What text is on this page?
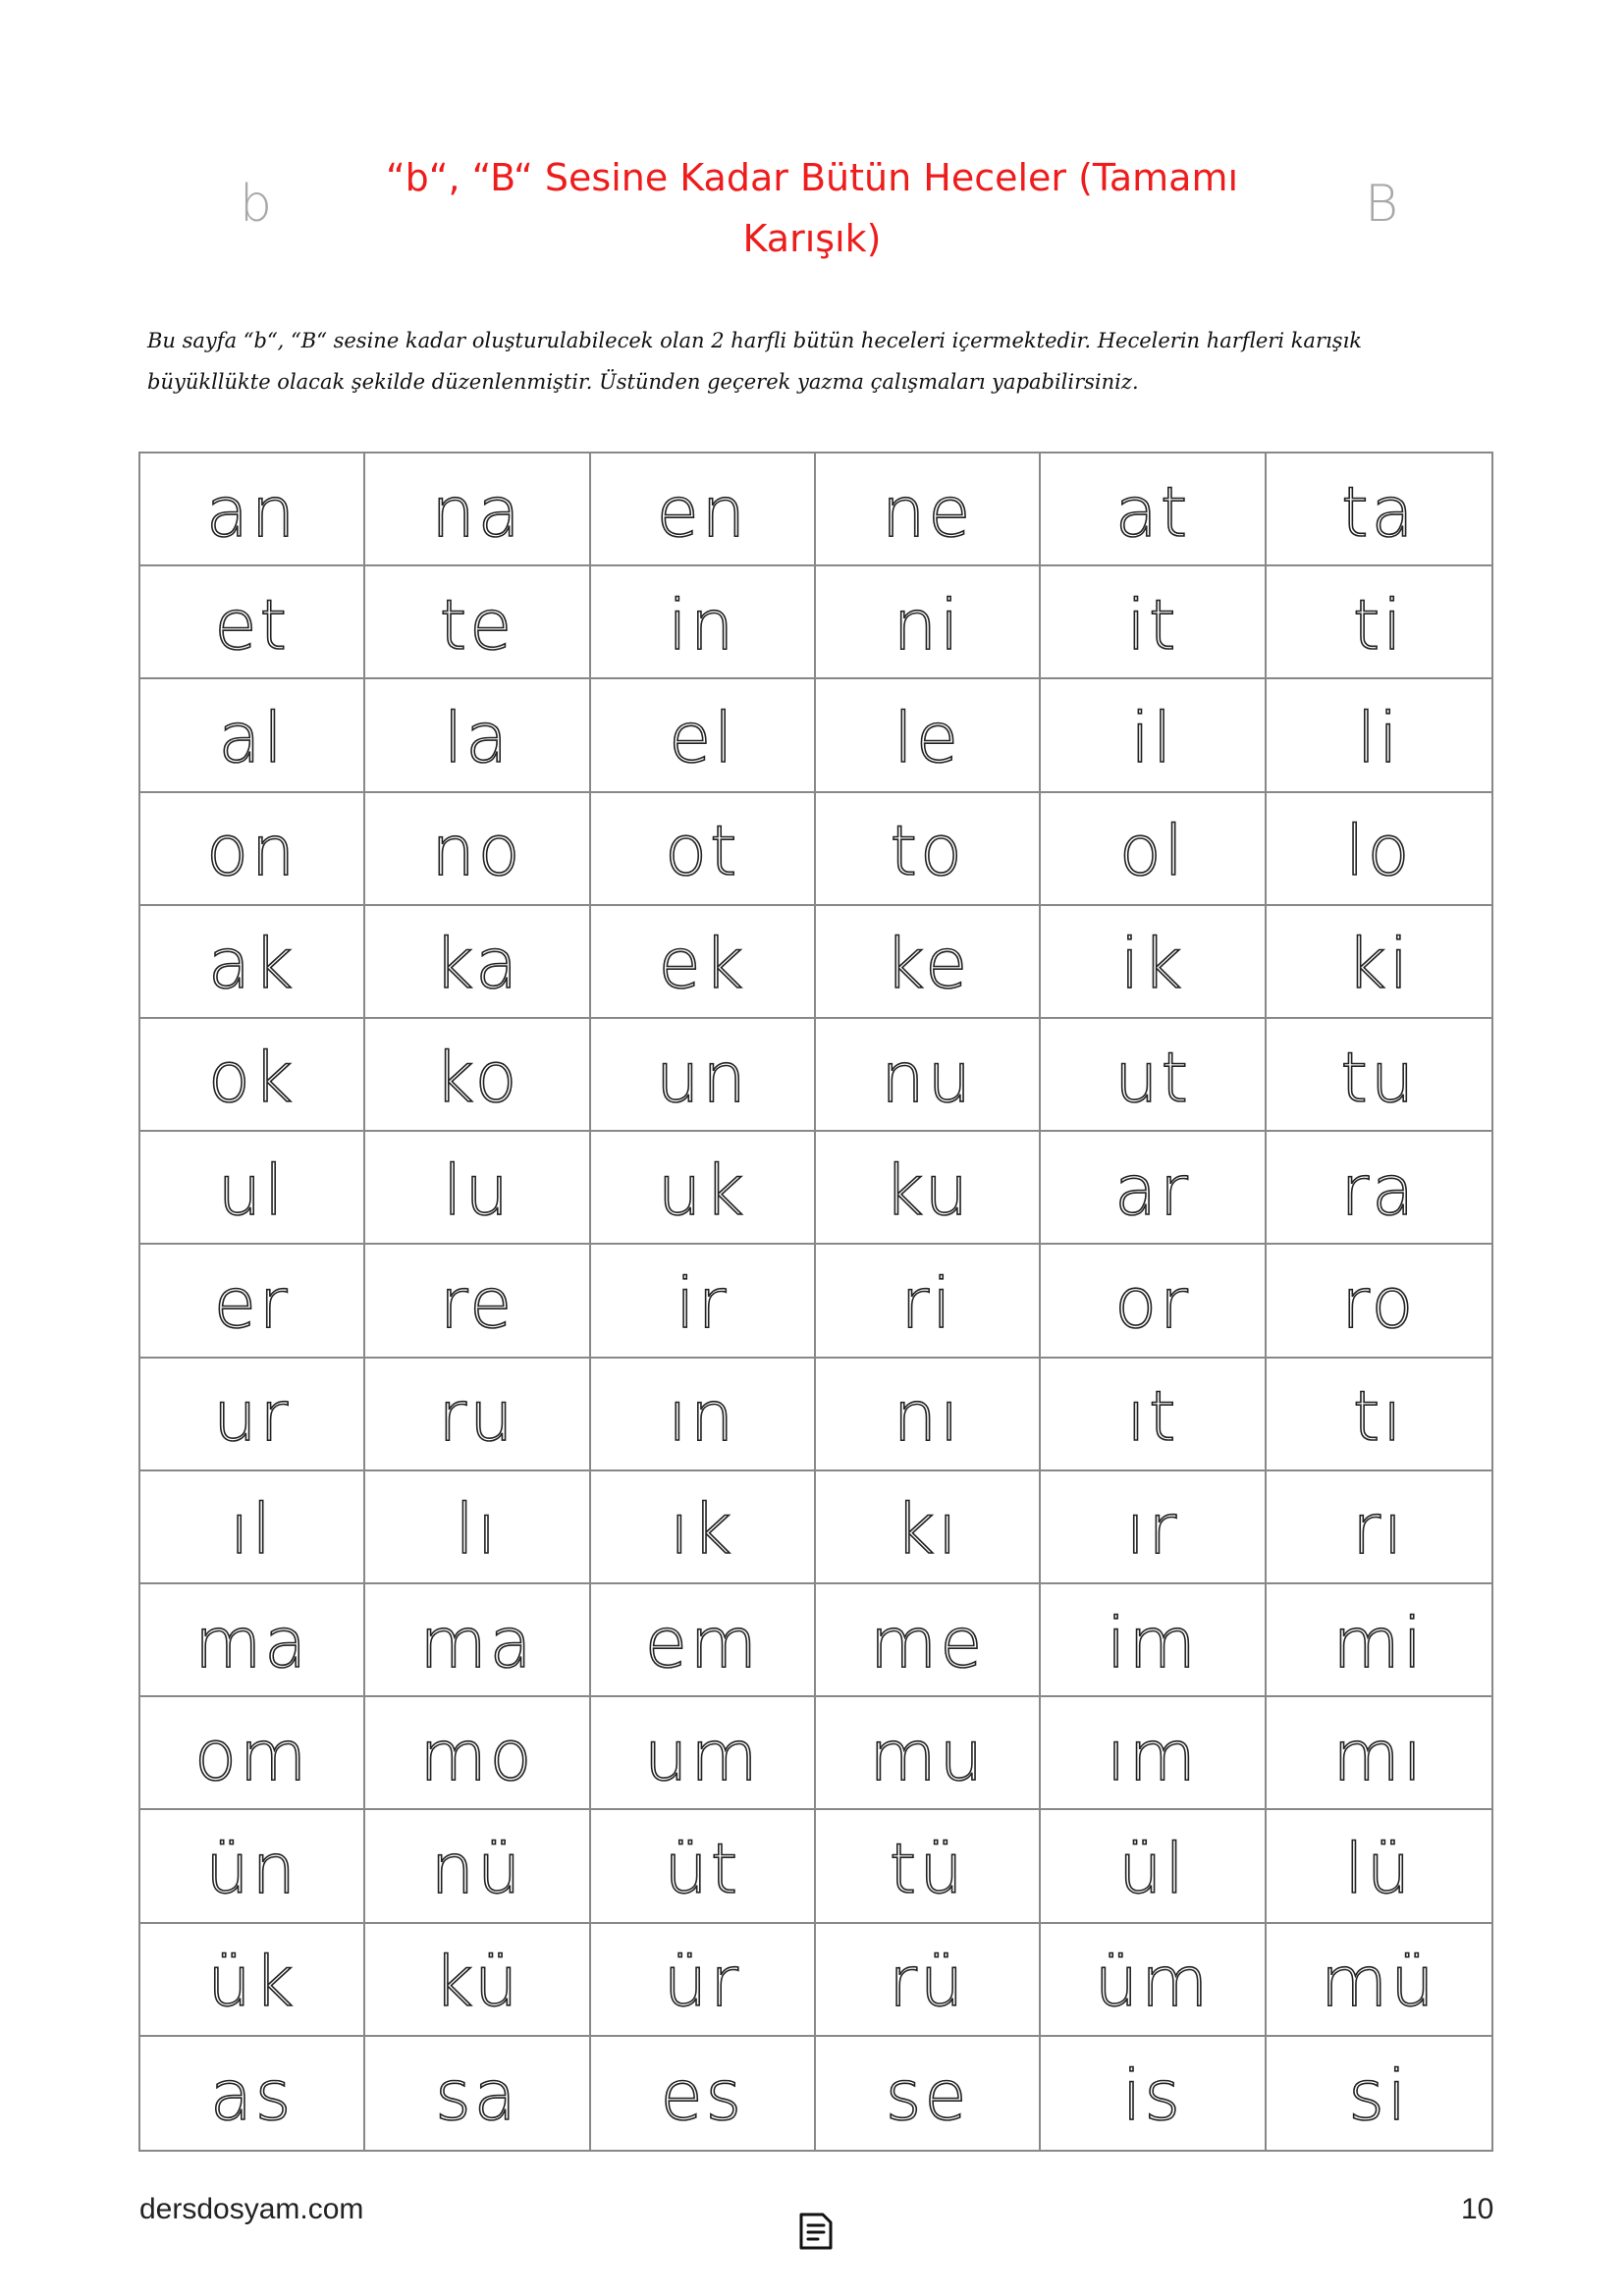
b	B
“b“, “B“ Sesine Kadar Bütün Heceler (Tamamı Karışık)
Bu sayfa “b“, “B“ sesine kadar oluşturulabilecek olan 2 harfli bütün heceleri içermektedir. Hecelerin harfleri karışık büyükllükte olacak şekilde düzenlenmiştir. Üstünden geçerek yazma çalışmaları yapabilirsiniz.
an na en ne at ta
et te in ni it	ti
al la el le il	li
on no ot to ol lo
ak ka ek ke ik ki
ok ko un nu ut tu
ul lu uk ku ar ra
er re ir	ri or ro
ur ru ın nı ıt	tı
ıl	lı ık kı ır	rı
ma ma em me im mi
om mo um mu ım mı
ün nü üt tü ül lü
ük kü ür rü üm mü
as sa es se is si
dersdosyam.com	10
